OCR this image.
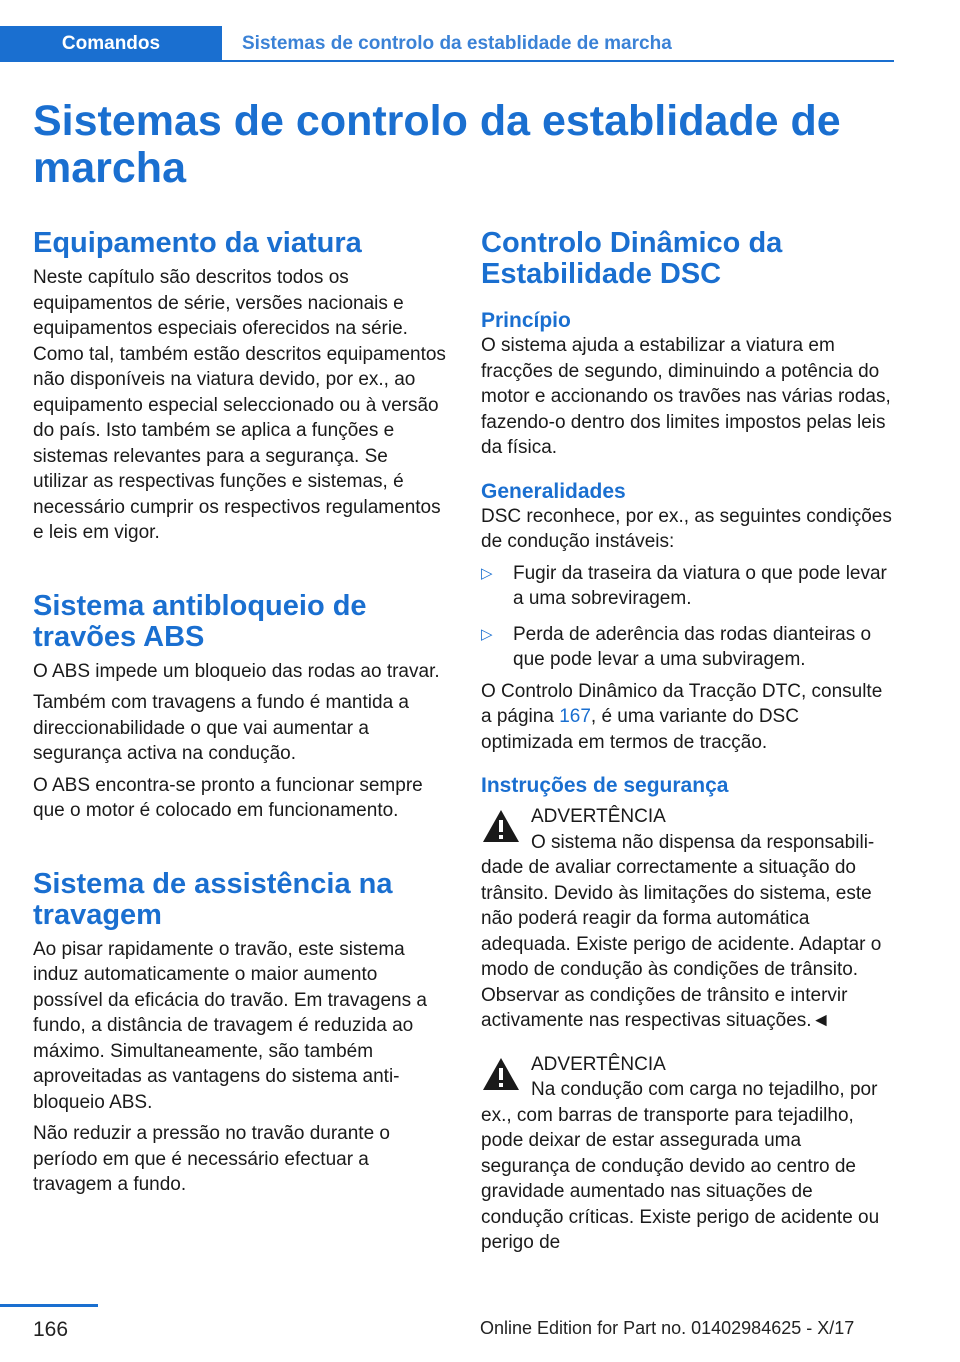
Comandos	Sistemas de controlo da establidade de marcha
Sistemas de controlo da establidade de marcha
Equipamento da viatura

Neste capítulo são descritos todos os equipamentos de série, versões nacionais e equipamentos especiais oferecidos na série. Como tal, também estão descritos equipamentos não disponíveis na viatura devido, por ex., ao equipamento especial seleccionado ou à versão do país. Isto também se aplica a funções e sistemas relevantes para a segurança. Se utilizar as respectivas funções e sistemas, é necessário cumprir os respectivos regulamentos e leis em vigor.

Sistema antibloqueio de travões ABS

O ABS impede um bloqueio das rodas ao travar.

Também com travagens a fundo é mantida a direccionabilidade o que vai aumentar a segurança activa na condução.

O ABS encontra-se pronto a funcionar sempre que o motor é colocado em funcionamento.

Sistema de assistência na travagem

Ao pisar rapidamente o travão, este sistema induz automaticamente o maior aumento possível da eficácia do travão. Em travagens a fundo, a distância de travagem é reduzida ao máximo. Simultaneamente, são também aproveitadas as vantagens do sistema anti-bloqueio ABS.

Não reduzir a pressão no travão durante o período em que é necessário efectuar a travagem a fundo.

Controlo Dinâmico da Estabilidade DSC
Princípio

O sistema ajuda a estabilizar a viatura em fracções de segundo, diminuindo a potência do motor e accionando os travões nas várias rodas, fazendo-o dentro dos limites impostos pelas leis da física.

Generalidades

DSC reconhece, por ex., as seguintes condições de condução instáveis:

▷ Fugir da traseira da viatura o que pode levar a uma sobreviragem.
▷ Perda de aderência das rodas dianteiras o que pode levar a uma subviragem.

O Controlo Dinâmico da Tracção DTC, consulte a página 167, é uma variante do DSC optimizada em termos de tracção.

Instruções de segurança

ADVERTÊNCIA

O sistema não dispensa da responsabili-

dade de avaliar correctamente a situação do trânsito. Devido às limitações do sistema, este não poderá reagir da forma automática adequada. Existe perigo de acidente. Adaptar o modo de condução às condições de trânsito. Observar as condições de trânsito e intervir activamente nas respectivas situações.◄

ADVERTÊNCIA

Na condução com carga no tejadilho, por

ex., com barras de transporte para tejadilho, pode deixar de estar assegurada uma segurança de condução devido ao centro de gravidade aumentado nas situações de condução críticas. Existe perigo de acidente ou perigo de

166	Online Edition for Part no. 01402984625 - X/17
